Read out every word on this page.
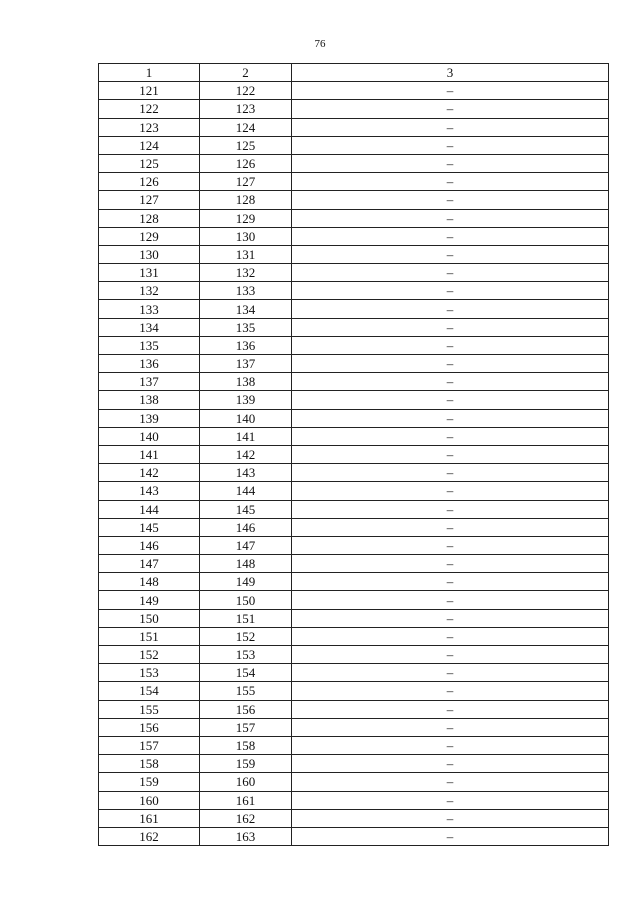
76
1	2	3
121	122	–
122	123	–
123	124	–
124	125	–
125	126	–
126	127	–
127	128	–
128	129	–
129	130	–
130	131	–
131	132	–
132	133	–
133	134	–
134	135	–
135	136	–
136	137	–
137	138	–
138	139	–
139	140	–
140	141	–
141	142	–
142	143	–
143	144	–
144	145	–
145	146	–
146	147	–
147	148	–
148	149	–
149	150	–
150	151	–
151	152	–
152	153	–
153	154	–
154	155	–
155	156	–
156	157	–
157	158	–
158	159	–
159	160	–
160	161	–
161	162	–
162	163	–
